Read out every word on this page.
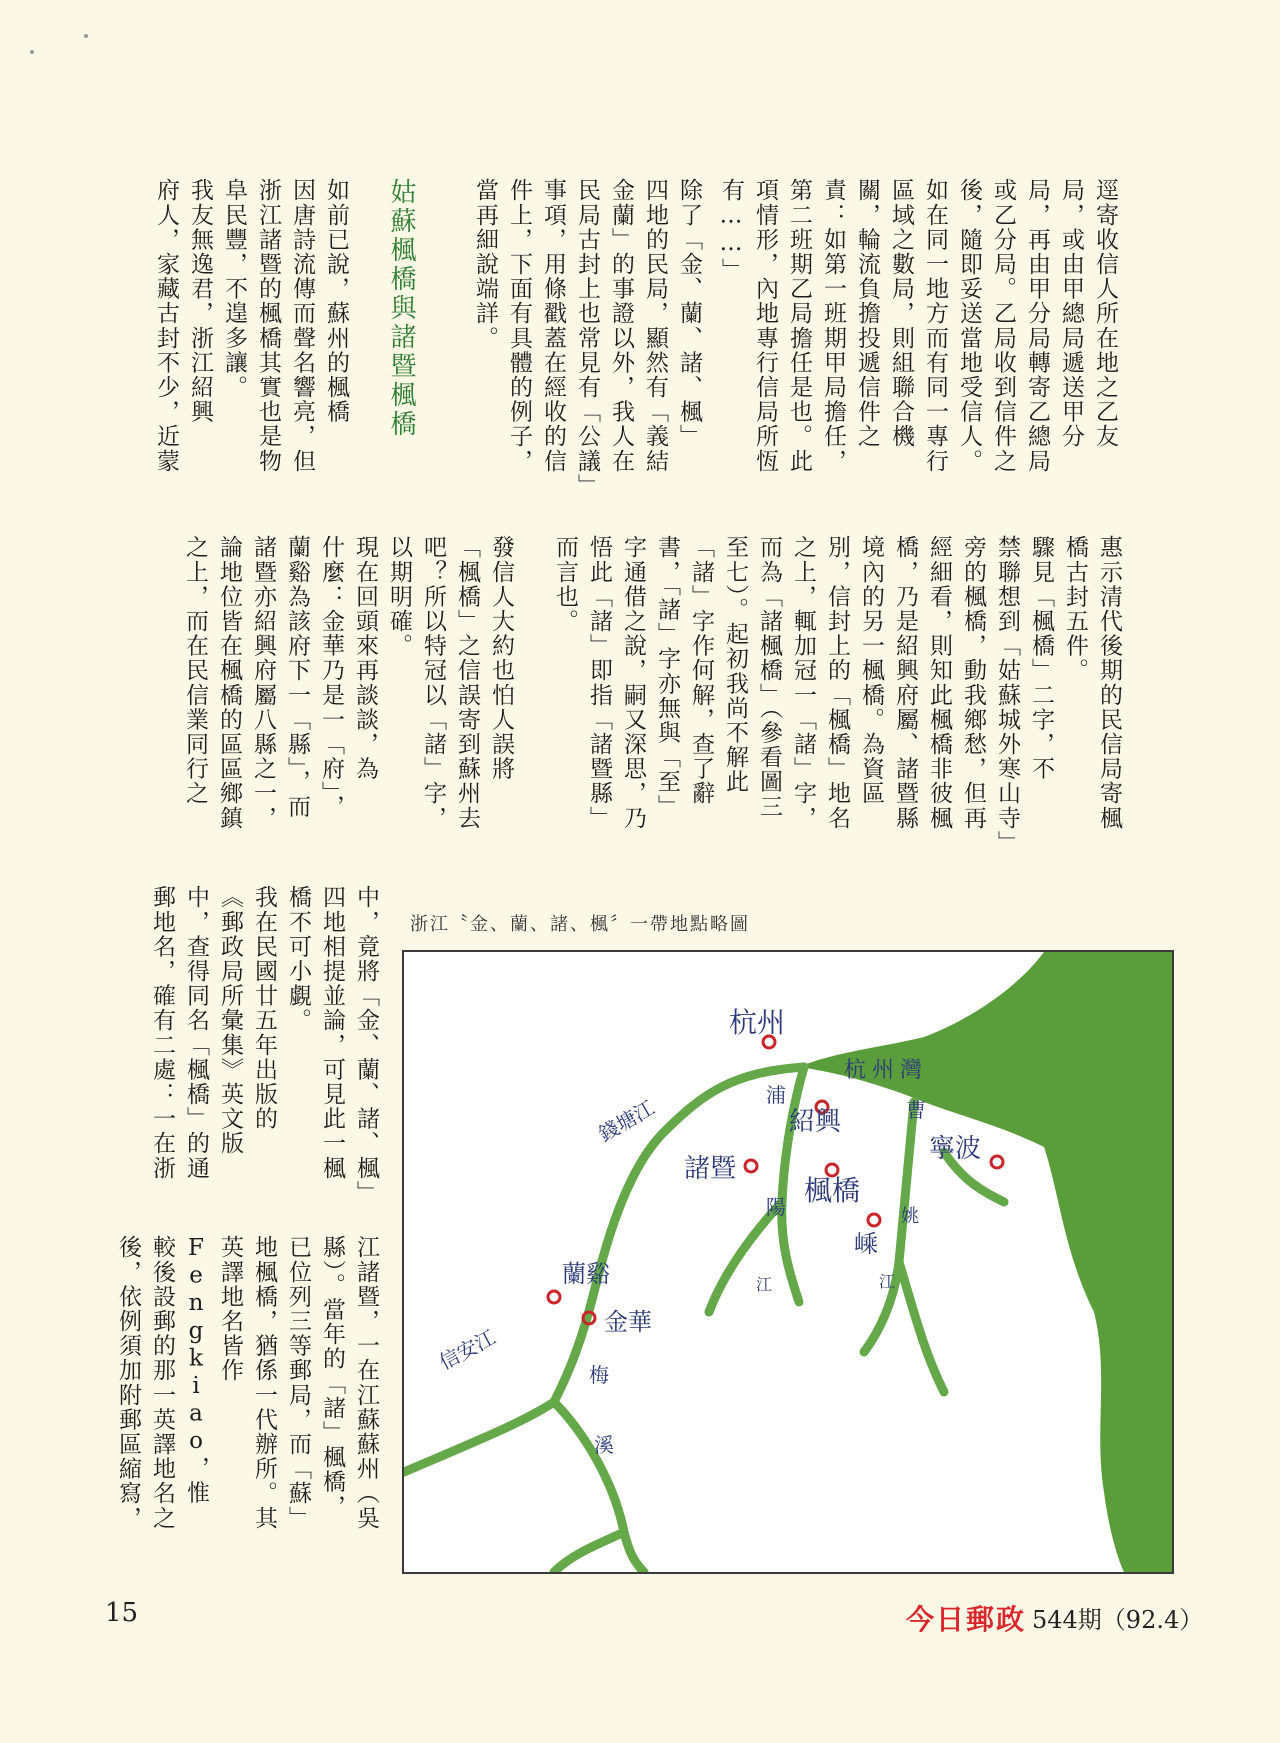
逕寄收信人所在地之乙友
局，或由甲總局遞送甲分
局，再由甲分局轉寄乙總局
或乙分局。乙局收到信件之
後，隨即妥送當地受信人。
如在同一地方而有同一專行
區域之數局，則組聯合機
關，輪流負擔投遞信件之
責：如第一班期甲局擔任，
第二班期乙局擔任是也。此
項情形，內地專行信局所恆
有……」
除了「金、蘭、諸、楓」
四地的民局，顯然有「義結
金蘭」的事證以外，我人在
民局古封上也常見有「公議」
事項，用條戳蓋在經收的信
件上，下面有具體的例子，
當再細說端詳。
姑蘇楓橋與諸暨楓橋
如前已說，蘇州的楓橋
因唐詩流傳而聲名響亮，但
浙江諸暨的楓橋其實也是物
阜民豐，不遑多讓。
我友無逸君，浙江紹興
府人，家藏古封不少，近蒙
惠示清代後期的民信局寄楓
橋古封五件。
驟見「楓橋」二字，不
禁聯想到「姑蘇城外寒山寺」
旁的楓橋，動我鄉愁，但再
經細看，則知此楓橋非彼楓
橋，乃是紹興府屬、諸暨縣
境內的另一楓橋。為資區
別，信封上的「楓橋」地名
之上，輒加冠一「諸」字，
而為「諸楓橋」（參看圖三
至七）。起初我尚不解此
「諸」字作何解，查了辭
書，「諸」字亦無與「至」
字通借之說，嗣又深思，乃
悟此「諸」即指「諸暨縣」
而言也。
發信人大約也怕人誤將
「楓橋」之信誤寄到蘇州去
吧？所以特冠以「諸」字，
以期明確。
現在回頭來再談談，為
什麼：金華乃是一「府」，
蘭谿為該府下一「縣」，而
諸暨亦紹興府屬八縣之一，
論地位皆在楓橋的區區鄉鎮
之上，而在民信業同行之
中，竟將「金、蘭、諸、楓」
四地相提並論，可見此一楓
橋不可小覷。
我在民國廿五年出版的
《郵政局所彙集》英文版
中，查得同名「楓橋」的通
郵地名，確有二處：一在浙
江諸暨，一在江蘇蘇州（吳
縣）。當年的「諸」楓橋，
已位列三等郵局，而「蘇」
地楓橋，猶係一代辦所。其
英譯地名皆作Fengkiao，惟
較後設郵的那一英譯地名之
後，依例須加附郵區縮寫，
浙江〝金、蘭、諸、楓〞一帶地點略圖
杭州
紹興
諸暨
楓橋
寧波
蘭谿
金華
錢塘江
杭州灣
浦
陽
江
曹
姚
嵊
江
信安江
梅
溪
15	今日郵政 544期（92.4）
